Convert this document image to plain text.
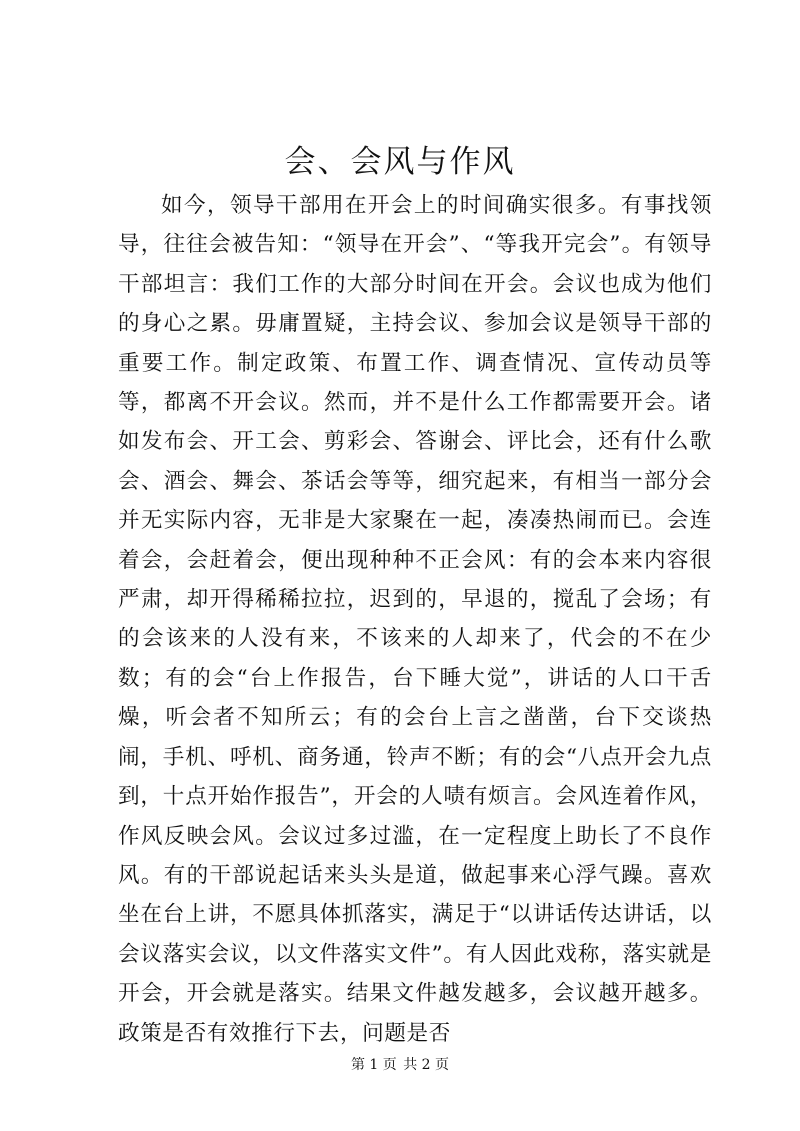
会、会风与作风

如今，领导干部用在开会上的时间确实很多。有事找领导，往往会被告知：“领导在开会”、“等我开完会”。有领导干部坦言：我们工作的大部分时间在开会。会议也成为他们的身心之累。毋庸置疑，主持会议、参加会议是领导干部的重要工作。制定政策、布置工作、调查情况、宣传动员等等，都离不开会议。然而，并不是什么工作都需要开会。诸如发布会、开工会、剪彩会、答谢会、评比会，还有什么歌会、酒会、舞会、茶话会等等，细究起来，有相当一部分会并无实际内容，无非是大家聚在一起，凑凑热闹而已。会连着会，会赶着会，便出现种种不正会风：有的会本来内容很严肃，却开得稀稀拉拉，迟到的，早退的，搅乱了会场；有的会该来的人没有来，不该来的人却来了，代会的不在少数；有的会“台上作报告，台下睡大觉”，讲话的人口干舌燥，听会者不知所云；有的会台上言之凿凿，台下交谈热闹，手机、呼机、商务通，铃声不断；有的会“八点开会九点到，十点开始作报告”，开会的人啧有烦言。会风连着作风，作风反映会风。会议过多过滥，在一定程度上助长了不良作风。有的干部说起话来头头是道，做起事来心浮气躁。喜欢坐在台上讲，不愿具体抓落实，满足于“以讲话传达讲话，以会议落实会议，以文件落实文件”。有人因此戏称，落实就是开会，开会就是落实。结果文件越发越多，会议越开越多。政策是否有效推行下去，问题是否

第 1 页 共 2 页
